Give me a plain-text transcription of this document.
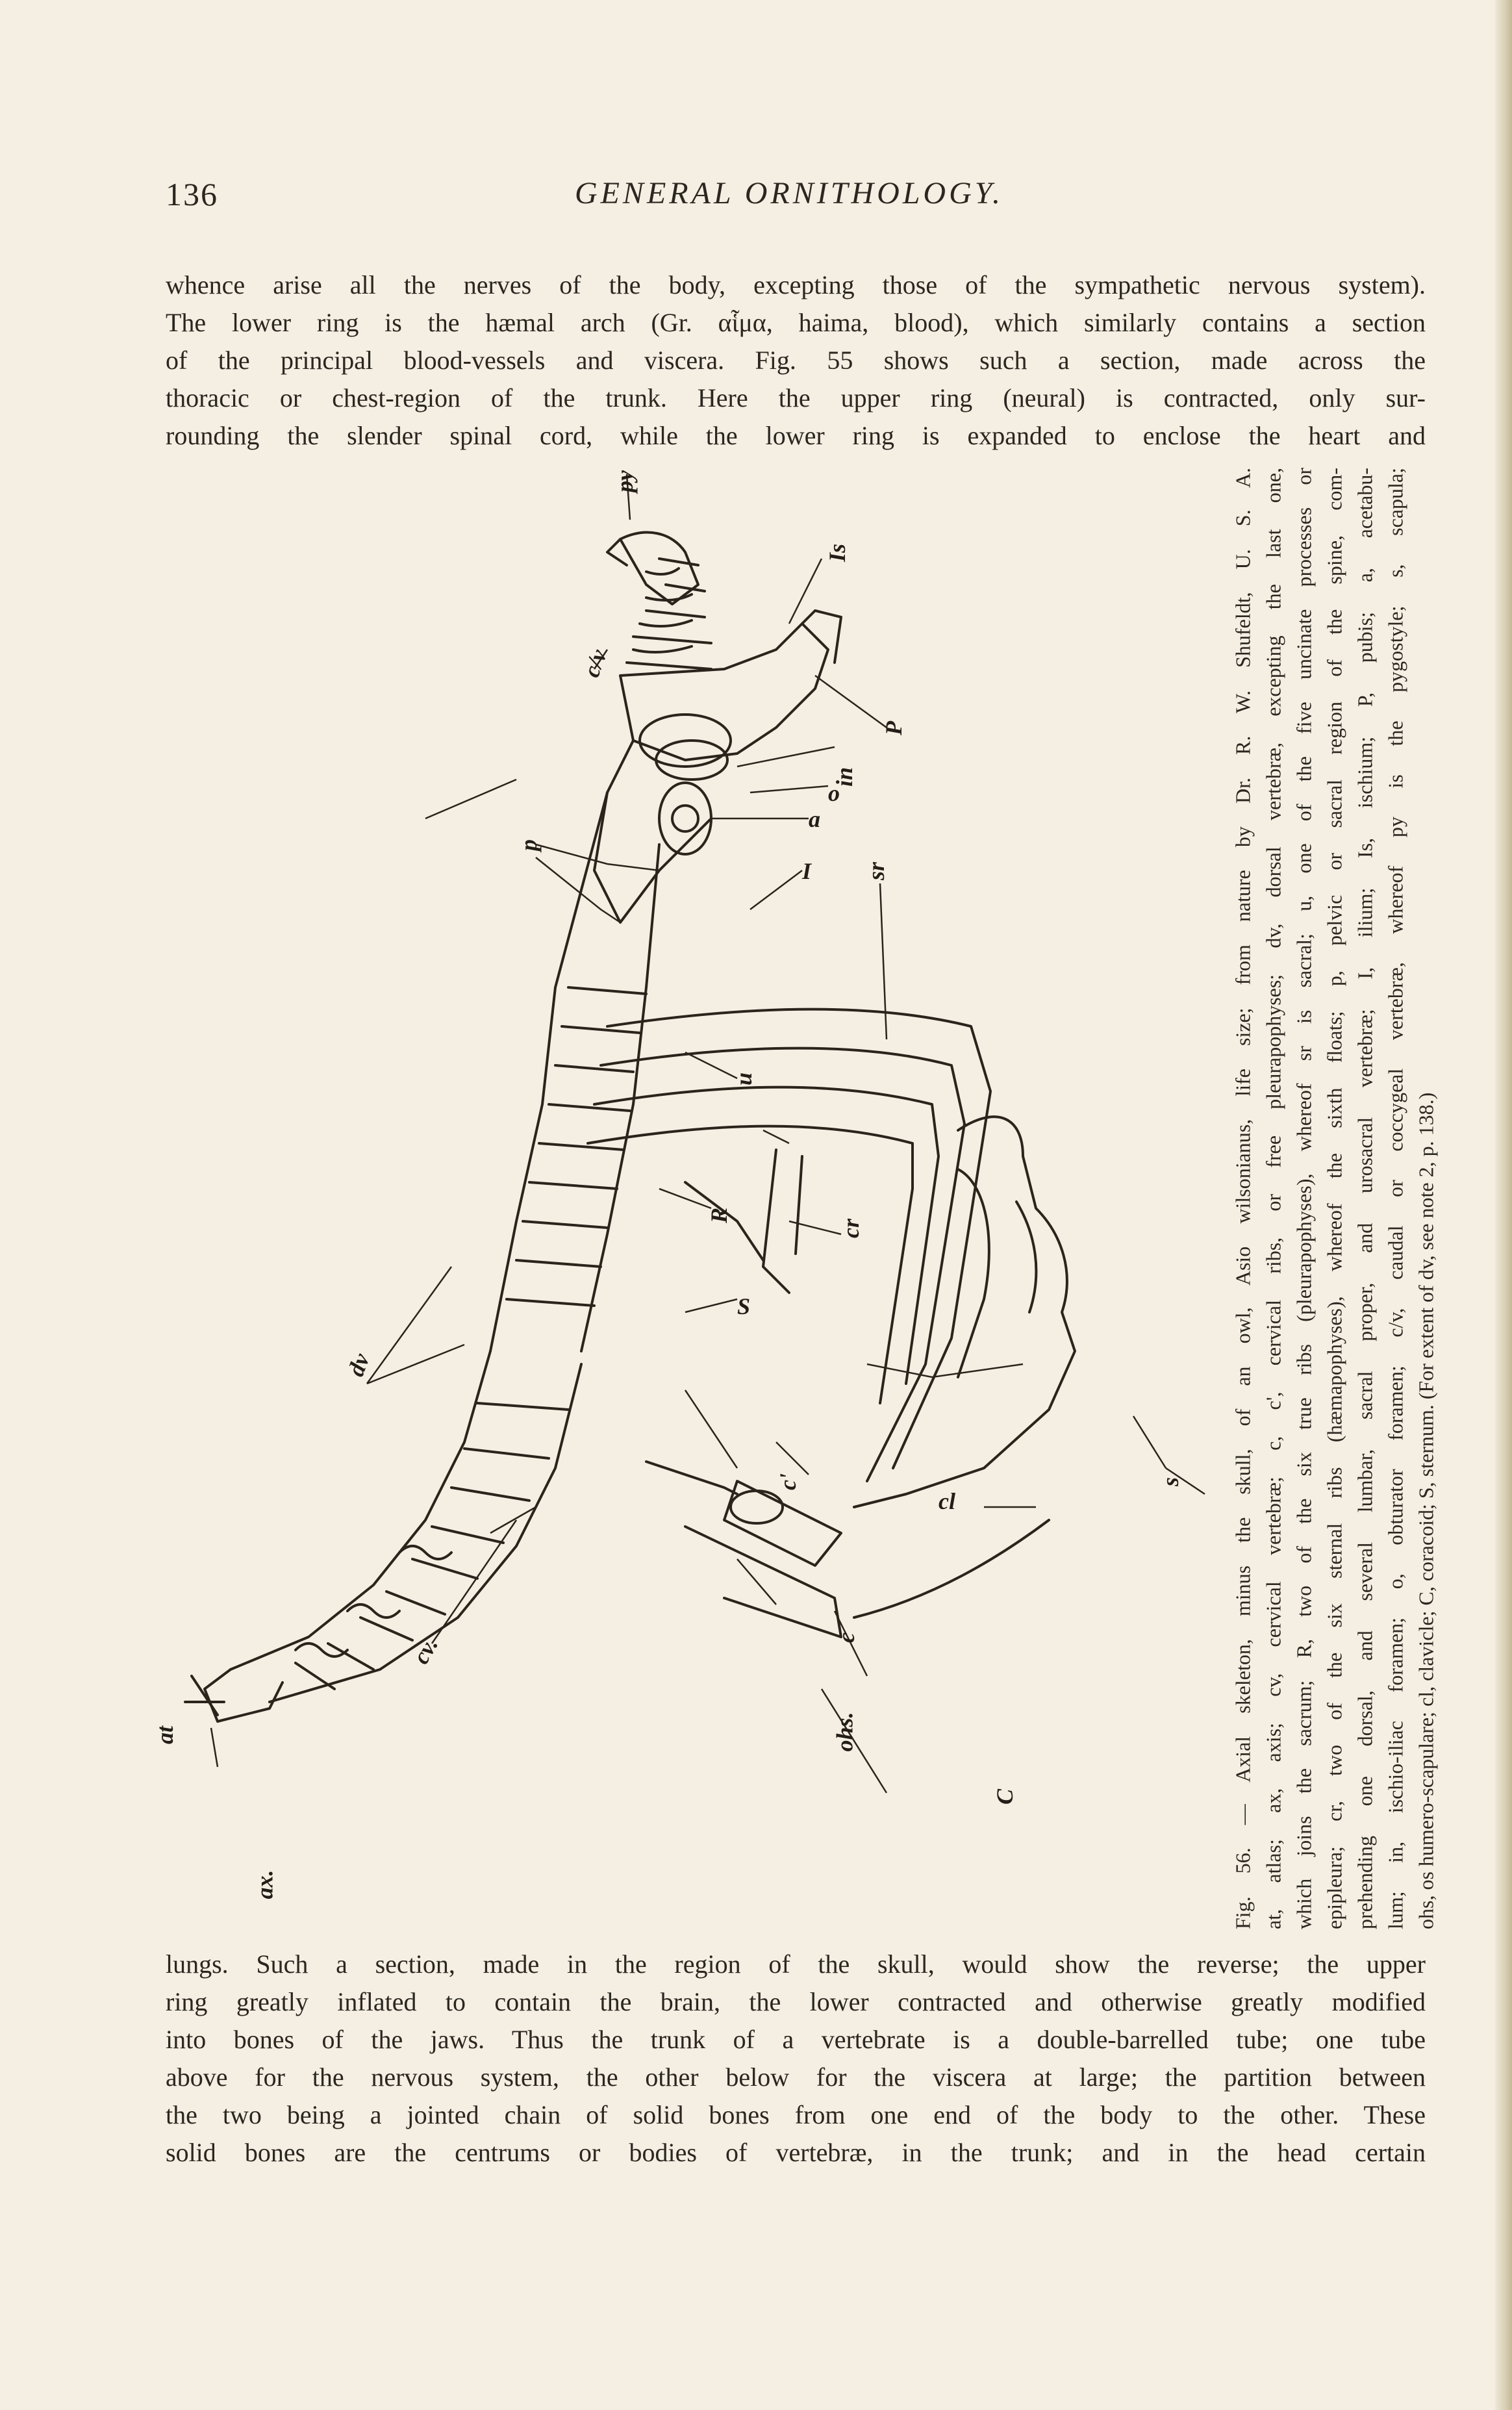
136	GENERAL ORNITHOLOGY.
whence arise all the nerves of the body, excepting those of the sympathetic nervous system).
The lower ring is the hæmal arch (Gr. αἷμα, haima, blood), which similarly contains a section
of the principal blood-vessels and viscera. Fig. 55 shows such a section, made across the
thoracic or chest-region of the trunk. Here the upper ring (neural) is contracted, only sur-
rounding the slender spinal cord, while the lower ring is expanded to enclose the heart and
py
Is
c/v
P
in
o
a
I sr
p
dv
u
R
cr
S
c'
cl
s
cv.	c
ohs.
C
at
ax.	Fig. 56. — Axial skeleton, minus the skull, of an owl, Asio wilsonianus, life size; from nature by Dr. R. W. Shufeldt, U. S. A. at, atlas; ax, axis; cv, cervical vertebræ; c, c', cervical ribs, or free pleurapophyses; dv, dorsal vertebræ, excepting the last one, which joins the sacrum; R, two of the six true ribs (pleurapophyses), whereof sr is sacral; u, one of the five uncinate processes or epipleura; cr, two of the six sternal ribs (hæmapophyses), whereof the sixth floats; p, pelvic or sacral region of the spine, com- prehending one dorsal, and several lumbar, sacral proper, and urosacral vertebræ; I, ilium; Is, ischium; P, pubis; a, acetabu- lum; in, ischio-iliac foramen; o, obturator foramen; c/v, caudal or coccygeal vertebræ, whereof py is the pygostyle; s, scapula; ohs, os humero-scapulare; cl, clavicle; C, coracoid; S, sternum. (For extent of dv, see note 2, p. 138.)
lungs. Such a section, made in the region of the skull, would show the reverse; the upper
ring greatly inflated to contain the brain, the lower contracted and otherwise greatly modified
into bones of the jaws. Thus the trunk of a vertebrate is a double-barrelled tube; one tube
above for the nervous system, the other below for the viscera at large; the partition between
the two being a jointed chain of solid bones from one end of the body to the other. These
solid bones are the centrums or bodies of vertebræ, in the trunk; and in the head certain
